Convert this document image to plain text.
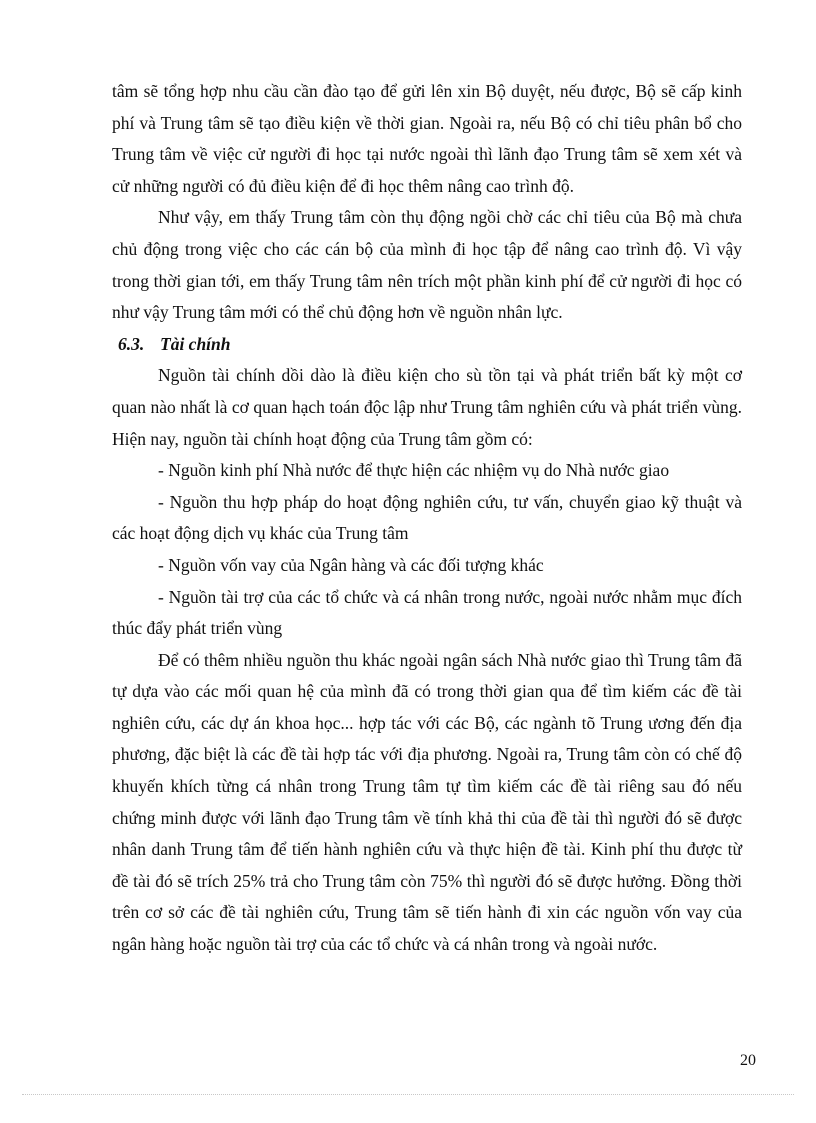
tâm sẽ tổng hợp nhu cầu cần đào tạo để gửi lên xin Bộ duyệt, nếu được, Bộ sẽ cấp kinh phí và Trung tâm sẽ tạo điều kiện về thời gian. Ngoài ra, nếu Bộ có chỉ tiêu phân bổ cho Trung tâm về việc cử người đi học tại nước ngoài thì lãnh đạo Trung tâm sẽ xem xét và cử những người có đủ điều kiện để đi học thêm nâng cao trình độ.

Như vậy, em thấy Trung tâm còn thụ động ngồi chờ các chỉ tiêu của Bộ mà chưa chủ động trong việc cho các cán bộ của mình đi học tập để nâng cao trình độ. Vì vậy trong thời gian tới, em thấy Trung tâm nên trích một phần kinh phí để cử người đi học có như vậy Trung tâm mới có thể chủ động hơn về nguồn nhân lực.

6.3. Tài chính

Nguồn tài chính dồi dào là điều kiện cho sù tồn tại và phát triển bất kỳ một cơ quan nào nhất là cơ quan hạch toán độc lập như Trung tâm nghiên cứu và phát triển vùng. Hiện nay, nguồn tài chính hoạt động của Trung tâm gồm có:

- Nguồn kinh phí Nhà nước để thực hiện các nhiệm vụ do Nhà nước giao

- Nguồn thu hợp pháp do hoạt động nghiên cứu, tư vấn, chuyển giao kỹ thuật và các hoạt động dịch vụ khác của Trung tâm

- Nguồn vốn vay của Ngân hàng và các đối tượng khác

- Nguồn tài trợ của các tổ chức và cá nhân trong nước, ngoài nước nhằm mục đích thúc đẩy phát triển vùng

Để có thêm nhiều nguồn thu khác ngoài ngân sách Nhà nước giao thì Trung tâm đã tự dựa vào các mối quan hệ của mình đã có trong thời gian qua để tìm kiếm các đề tài nghiên cứu, các dự án khoa học... hợp tác với các Bộ, các ngành tõ Trung ương đến địa phương, đặc biệt là các đề tài hợp tác với địa phương. Ngoài ra, Trung tâm còn có chế độ khuyến khích từng cá nhân trong Trung tâm tự tìm kiếm các đề tài riêng sau đó nếu chứng minh được với lãnh đạo Trung tâm về tính khả thi của đề tài thì người đó sẽ được nhân danh Trung tâm để tiến hành nghiên cứu và thực hiện đề tài. Kinh phí thu được từ đề tài đó sẽ trích 25% trả cho Trung tâm còn 75% thì người đó sẽ được hưởng. Đồng thời trên cơ sở các đề tài nghiên cứu, Trung tâm sẽ tiến hành đi xin các nguồn vốn vay của ngân hàng hoặc nguồn tài trợ của các tổ chức và cá nhân trong và ngoài nước.

20
